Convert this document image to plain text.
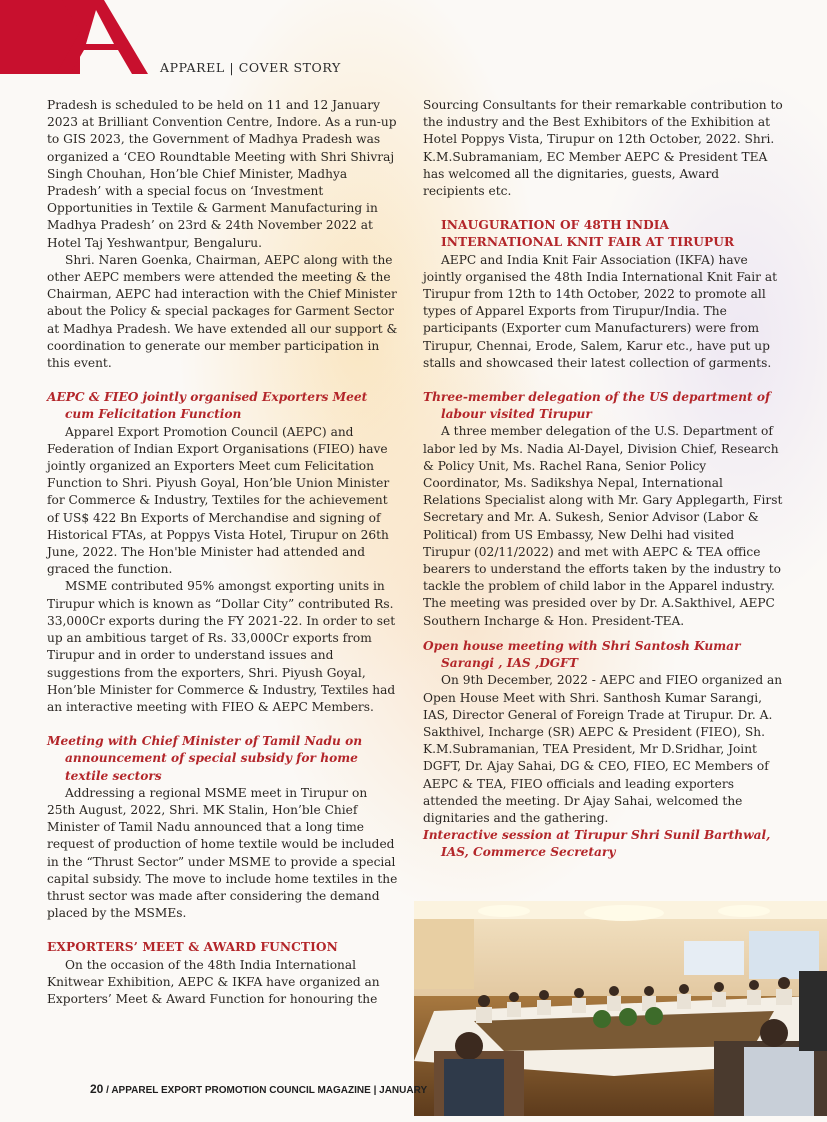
APPAREL | COVER STORY

Pradesh is scheduled to be held on 11 and 12 January 2023 at Brilliant Convention Centre, Indore. As a run-up to GIS 2023, the Government of Madhya Pradesh was organized a ‘CEO Roundtable Meeting with Shri Shivraj Singh Chouhan, Hon’ble Chief Minister, Madhya Pradesh’ with a special focus on ‘Investment Opportunities in Textile & Garment Manufacturing in Madhya Pradesh’ on 23rd & 24th November 2022 at Hotel Taj Yeshwantpur, Bengaluru.

Shri. Naren Goenka, Chairman, AEPC along with the other AEPC members were attended the meeting & the Chairman, AEPC had interaction with the Chief Minister about the Policy & special packages for Garment Sector at Madhya Pradesh. We have extended all our support & coordination to generate our member participation in this event.

AEPC & FIEO jointly organised Exporters Meet cum Felicitation Function

Apparel Export Promotion Council (AEPC) and Federation of Indian Export Organisations (FIEO) have jointly organized an Exporters Meet cum Felicitation Function to Shri. Piyush Goyal, Hon’ble Union Minister for Commerce & Industry, Textiles for the achievement of US$ 422 Bn Exports of Merchandise and signing of Historical FTAs, at Poppys Vista Hotel, Tirupur on 26th June, 2022. The Hon'ble Minister had attended and graced the function.

MSME contributed 95% amongst exporting units in Tirupur which is known as “Dollar City” contributed Rs. 33,000Cr exports during the FY 2021-22. In order to set up an ambitious target of Rs. 33,000Cr exports from Tirupur and in order to understand issues and suggestions from the exporters, Shri. Piyush Goyal, Hon’ble Minister for Commerce & Industry, Textiles had an interactive meeting with FIEO & AEPC Members.

Meeting with Chief Minister of Tamil Nadu on announcement of special subsidy for home textile sectors

Addressing a regional MSME meet in Tirupur on 25th August, 2022, Shri. MK Stalin, Hon’ble Chief Minister of Tamil Nadu announced that a long time request of production of home textile would be included in the “Thrust Sector” under MSME to provide a special capital subsidy. The move to include home textiles in the thrust sector was made after considering the demand placed by the MSMEs.

EXPORTERS’ MEET & AWARD FUNCTION

On the occasion of the 48th India International Knitwear Exhibition, AEPC & IKFA have organized an Exporters’ Meet & Award Function for honouring the

Sourcing Consultants for their remarkable contribution to the industry and the Best Exhibitors of the Exhibition at Hotel Poppys Vista, Tirupur on 12th October, 2022. Shri. K.M.Subramaniam, EC Member AEPC & President TEA has welcomed all the dignitaries, guests, Award recipients etc.

INAUGURATION OF 48TH INDIA INTERNATIONAL KNIT FAIR AT TIRUPUR

AEPC and India Knit Fair Association (IKFA) have jointly organised the 48th India International Knit Fair at Tirupur from 12th to 14th October, 2022 to promote all types of Apparel Exports from Tirupur/India. The participants (Exporter cum Manufacturers) were from Tirupur, Chennai, Erode, Salem, Karur etc., have put up stalls and showcased their latest collection of garments.

Three-member delegation of the US department of labour visited Tirupur

A three member delegation of the U.S. Department of labor led by Ms. Nadia Al-Dayel, Division Chief, Research & Policy Unit, Ms. Rachel Rana, Senior Policy Coordinator, Ms. Sadikshya Nepal, International Relations Specialist along with Mr. Gary Applegarth, First Secretary and Mr. A. Sukesh, Senior Advisor (Labor & Political) from US Embassy, New Delhi had visited Tirupur (02/11/2022) and met with AEPC & TEA office bearers to understand the efforts taken by the industry to tackle the problem of child labor in the Apparel industry. The meeting was presided over by Dr. A.Sakthivel, AEPC Southern Incharge & Hon. President-TEA.

Open house meeting with Shri Santosh Kumar Sarangi , IAS ,DGFT

On 9th December, 2022 - AEPC and FIEO organized an Open House Meet with Shri. Santhosh Kumar Sarangi, IAS, Director General of Foreign Trade at Tirupur. Dr. A. Sakthivel, Incharge (SR) AEPC & President (FIEO), Sh. K.M.Subramanian, TEA President, Mr D.Sridhar, Joint DGFT, Dr. Ajay Sahai, DG & CEO, FIEO, EC Members of AEPC & TEA, FIEO officials and leading exporters attended the meeting. Dr Ajay Sahai, welcomed the dignitaries and the gathering.

Interactive session at Tirupur Shri Sunil Barthwal, IAS, Commerce Secretary

20 / APPAREL EXPORT PROMOTION COUNCIL MAGAZINE | JANUARY
